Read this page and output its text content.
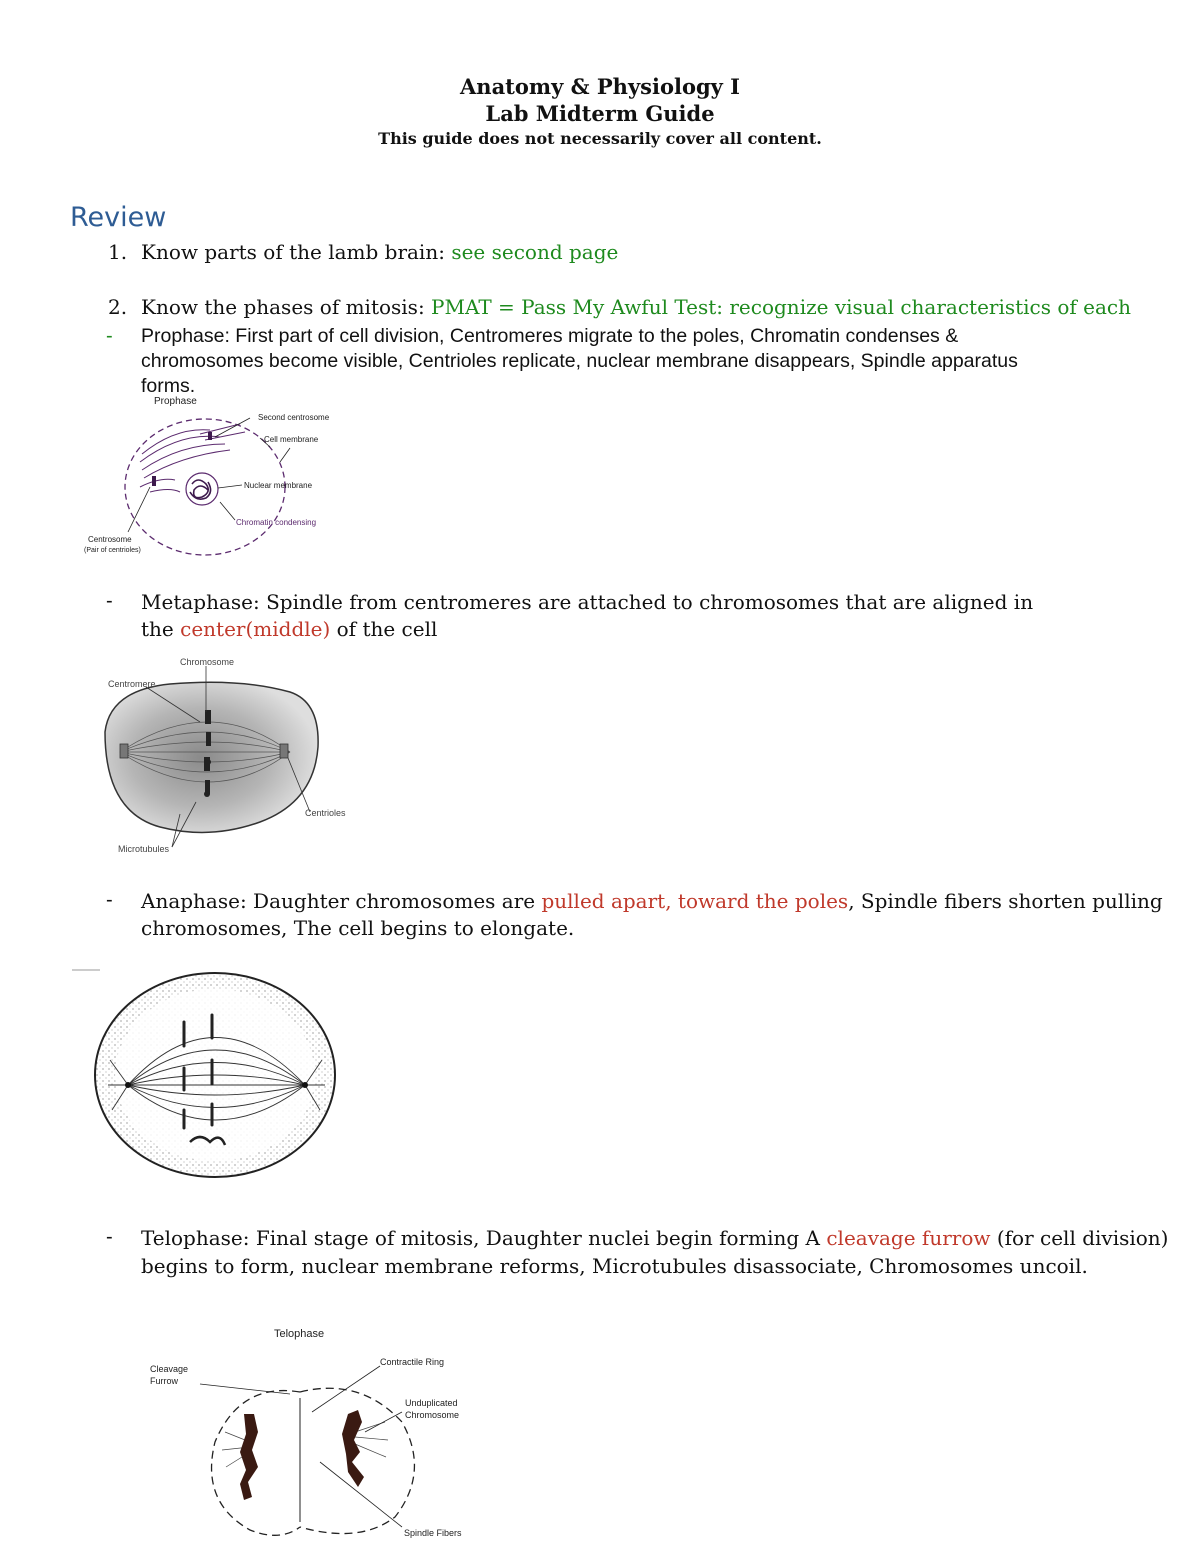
Anatomy & Physiology I
Lab Midterm Guide
This guide does not necessarily cover all content.
Review
1. Know parts of the lamb brain: see second page
2. Know the phases of mitosis: PMAT = Pass My Awful Test: recognize visual characteristics of each
- Prophase: First part of cell division, Centromeres migrate to the poles, Chromatin condenses &
chromosomes become visible, Centrioles replicate, nuclear membrane disappears, Spindle apparatus
forms.
Prophase
Second centrosome
Cell membrane
Nuclear membrane
Chromatin condensing
Centrosome
(Pair of centrioles)
- Metaphase: Spindle from centromeres are attached to chromosomes that are aligned in
the center(middle) of the cell
Chromosome
Centromere
Centrioles
Microtubules
- Anaphase: Daughter chromosomes are pulled apart, toward the poles, Spindle fibers shorten pulling
chromosomes, The cell begins to elongate.
- Telophase: Final stage of mitosis, Daughter nuclei begin forming A cleavage furrow (for cell division)
begins to form, nuclear membrane reforms, Microtubules disassociate, Chromosomes uncoil.
Telophase
Cleavage
Furrow
Contractile Ring
Unduplicated
Chromosome
Spindle Fibers
